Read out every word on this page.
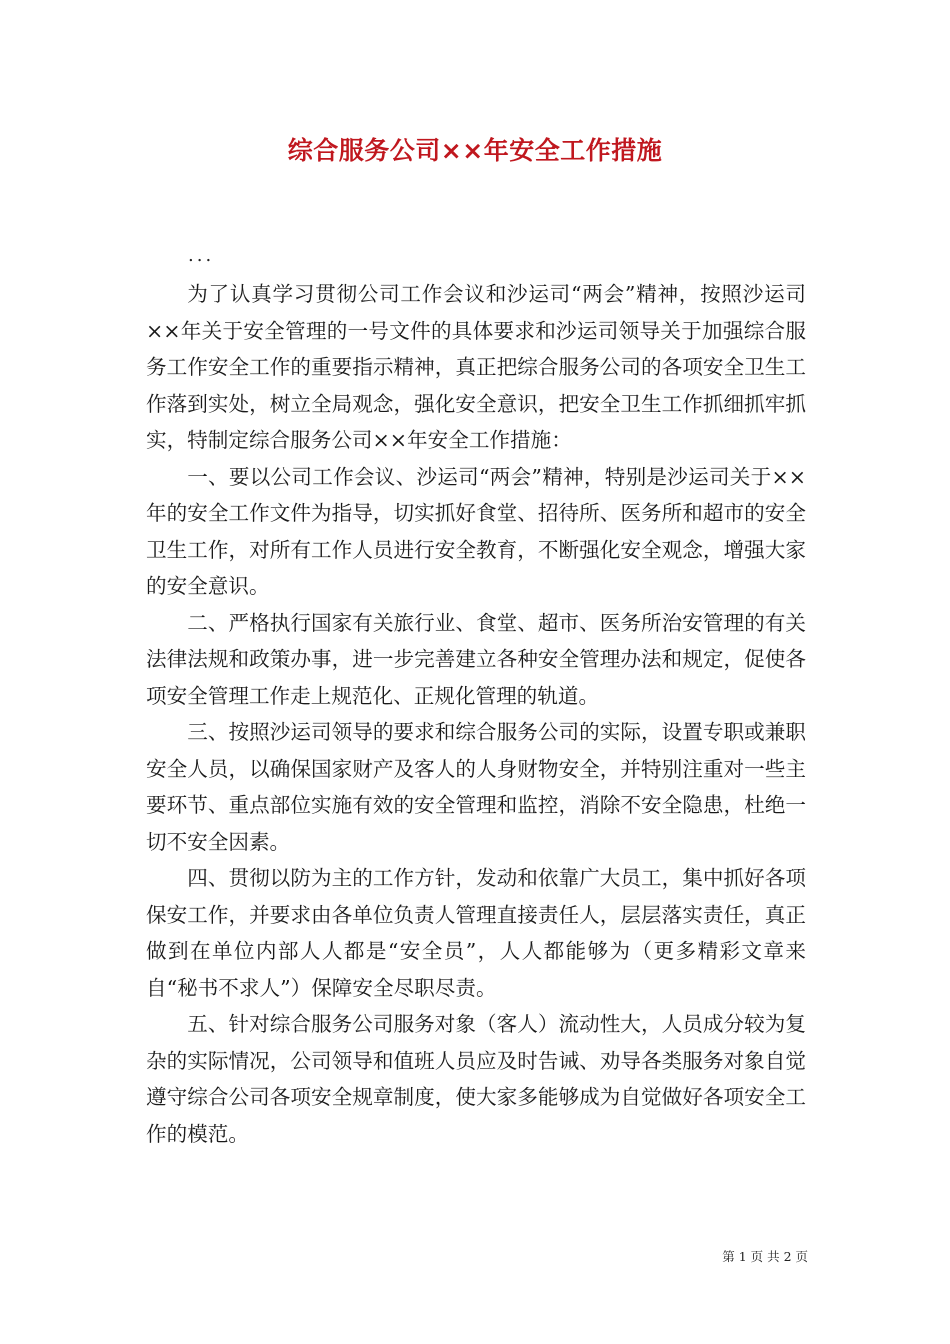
综合服务公司××年安全工作措施
...

为了认真学习贯彻公司工作会议和沙运司“两会”精神，按照沙运司××年关于安全管理的一号文件的具体要求和沙运司领导关于加强综合服务工作安全工作的重要指示精神，真正把综合服务公司的各项安全卫生工作落到实处，树立全局观念，强化安全意识，把安全卫生工作抓细抓牢抓实，特制定综合服务公司××年安全工作措施：

一、要以公司工作会议、沙运司“两会”精神，特别是沙运司关于××年的安全工作文件为指导，切实抓好食堂、招待所、医务所和超市的安全卫生工作，对所有工作人员进行安全教育，不断强化安全观念，增强大家的安全意识。

二、严格执行国家有关旅行业、食堂、超市、医务所治安管理的有关法律法规和政策办事，进一步完善建立各种安全管理办法和规定，促使各项安全管理工作走上规范化、正规化管理的轨道。

三、按照沙运司领导的要求和综合服务公司的实际，设置专职或兼职安全人员，以确保国家财产及客人的人身财物安全，并特别注重对一些主要环节、重点部位实施有效的安全管理和监控，消除不安全隐患，杜绝一切不安全因素。

四、贯彻以防为主的工作方针，发动和依靠广大员工，集中抓好各项保安工作，并要求由各单位负责人管理直接责任人，层层落实责任，真正做到在单位内部人人都是“安全员”，人人都能够为（更多精彩文章来自“秘书不求人”）保障安全尽职尽责。

五、针对综合服务公司服务对象（客人）流动性大，人员成分较为复杂的实际情况，公司领导和值班人员应及时告诫、劝导各类服务对象自觉遵守综合公司各项安全规章制度，使大家多能够成为自觉做好各项安全工作的模范。

第 1 页 共 2 页
